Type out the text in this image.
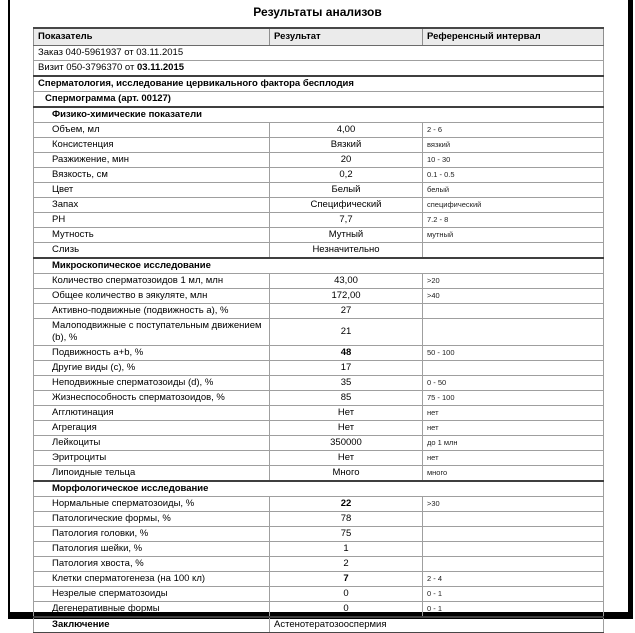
Результаты анализов
Показатель	Результат	Референсный интервал
Заказ 040-5961937 от 03.11.2015		
Визит 050-3796370 от 03.11.2015		
Сперматология, исследование цервикального фактора бесплодия		
Спермограмма (арт. 00127)		
Физико-химические показатели		
Объем, мл	4,00	2 - 6
Консистенция	Вязкий	вязкий
Разжижение, мин	20	10 - 30
Вязкость, см	0,2	0.1 - 0.5
Цвет	Белый	белый
Запах	Специфический	специфический
PH	7,7	7.2 - 8
Мутность	Мутный	мутный
Слизь	Незначительно	
Микроскопическое исследование		
Количество сперматозоидов 1 мл, млн	43,00	>20
Общее количество в эякуляте, млн	172,00	>40
Активно-подвижные (подвижность a), %	27	
Малоподвижные с поступательным движением (b), %	21	
Подвижность a+b, %	48	50 - 100
Другие виды (c), %	17	
Неподвижные сперматозоиды (d), %	35	0 - 50
Жизнеспособность сперматозоидов, %	85	75 - 100
Агглютинация	Нет	нет
Агрегация	Нет	нет
Лейкоциты	350000	до 1 млн
Эритроциты	Нет	нет
Липоидные тельца	Много	много
Морфологическое исследование		
Нормальные сперматозоиды, %	22	>30
Патологические формы, %	78	
Патология головки, %	75	
Патология шейки, %	1	
Патология хвоста, %	2	
Клетки сперматогенеза (на 100 кл)	7	2 - 4
Незрелые сперматозоиды	0	0 - 1
Дегенеративные формы	0	0 - 1
Заключение	Астенотератозооспермия	
